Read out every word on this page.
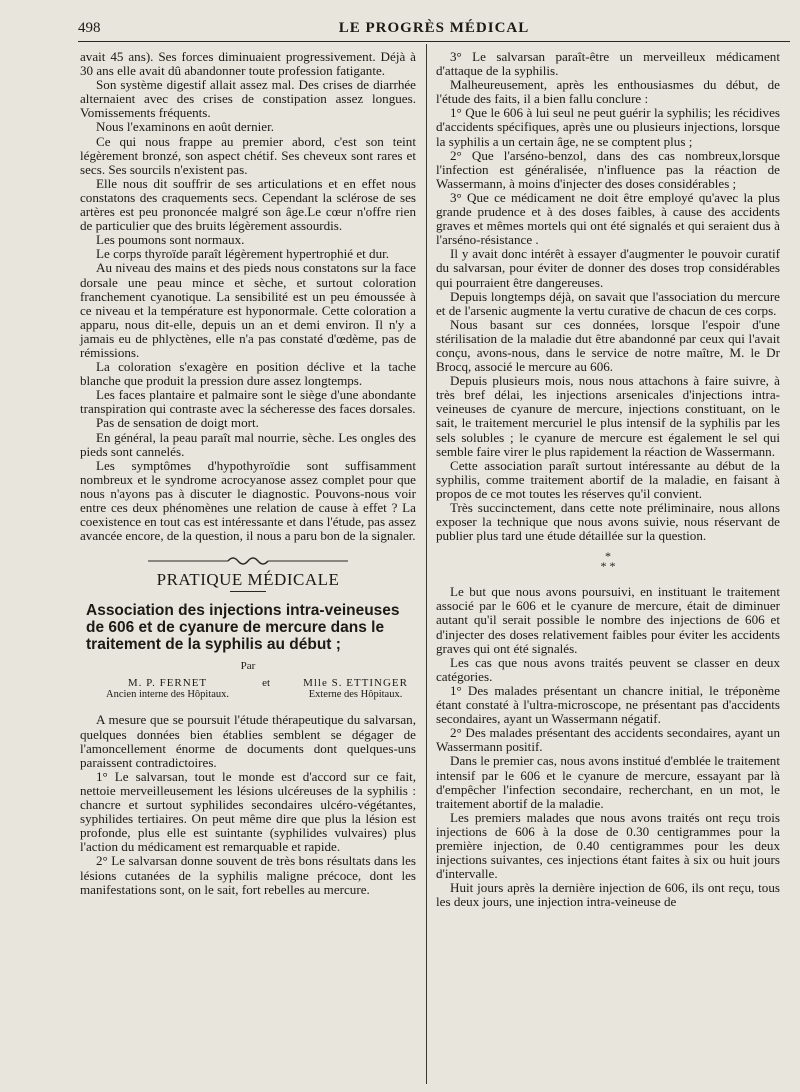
498	LE PROGRÈS MÉDICAL

avait 45 ans). Ses forces diminuaient progressivement. Déjà à 30 ans elle avait dû abandonner toute profession fatigante.

Son système digestif allait assez mal. Des crises de diarrhée alternaient avec des crises de constipation assez longues. Vomissements fréquents.

Nous l'examinons en août dernier.

Ce qui nous frappe au premier abord, c'est son teint légèrement bronzé, son aspect chétif. Ses cheveux sont rares et secs. Ses sourcils n'existent pas.

Elle nous dit souffrir de ses articulations et en effet nous constatons des craquements secs. Cependant la sclérose de ses artères est peu prononcée malgré son âge.Le cœur n'offre rien de particulier que des bruits légèrement assourdis.

Les poumons sont normaux.

Le corps thyroïde paraît légèrement hypertrophié et dur.

Au niveau des mains et des pieds nous constatons sur la face dorsale une peau mince et sèche, et surtout coloration franchement cyanotique. La sensibilité est un peu émoussée à ce niveau et la température est hyponormale. Cette coloration a apparu, nous dit-elle, depuis un an et demi environ. Il n'y a jamais eu de phlyctènes, elle n'a pas constaté d'œdème, pas de rémissions.

La coloration s'exagère en position déclive et la tache blanche que produit la pression dure assez longtemps.

Les faces plantaire et palmaire sont le siège d'une abondante transpiration qui contraste avec la sécheresse des faces dorsales.

Pas de sensation de doigt mort.

En général, la peau paraît mal nourrie, sèche. Les ongles des pieds sont cannelés.

Les symptômes d'hypothyroïdie sont suffisamment nombreux et le syndrome acrocyanose assez complet pour que nous n'ayons pas à discuter le diagnostic. Pouvons-nous voir entre ces deux phénomènes une relation de cause à effet ? La coexistence en tout cas est intéressante et dans l'étude, pas assez avancée encore, de la question, il nous a paru bon de la signaler.

PRATIQUE MÉDICALE
Association des injections intra-veineuses de 606 et de cyanure de mercure dans le traitement de la syphilis au début ;
Par
M. P. FERNET
Ancien interne des Hôpitaux.
et	Mlle S. ETTINGER
Externe des Hôpitaux.

A mesure que se poursuit l'étude thérapeutique du salvarsan, quelques données bien établies semblent se dégager de l'amoncellement énorme de documents dont quelques-uns paraissent contradictoires.

1° Le salvarsan, tout le monde est d'accord sur ce fait, nettoie merveilleusement les lésions ulcéreuses de la syphilis : chancre et surtout syphilides secondaires ulcéro-végétantes, syphilides tertiaires. On peut même dire que plus la lésion est profonde, plus elle est suintante (syphilides vulvaires) plus l'action du médicament est remarquable et rapide.

2° Le salvarsan donne souvent de très bons résultats dans les lésions cutanées de la syphilis maligne précoce, dont les manifestations sont, on le sait, fort rebelles au mercure.

3° Le salvarsan paraît-être un merveilleux médicament d'attaque de la syphilis.

Malheureusement, après les enthousiasmes du début, de l'étude des faits, il a bien fallu conclure :

1° Que le 606 à lui seul ne peut guérir la syphilis; les récidives d'accidents spécifiques, après une ou plusieurs injections, lorsque la syphilis a un certain âge, ne se comptent plus ;

2° Que l'arséno-benzol, dans des cas nombreux,lorsque l'infection est généralisée, n'influence pas la réaction de Wassermann, à moins d'injecter des doses considérables ;

3° Que ce médicament ne doit être employé qu'avec la plus grande prudence et à des doses faibles, à cause des accidents graves et mêmes mortels qui ont été signalés et qui seraient dus à l'arséno-résistance .

Il y avait donc intérêt à essayer d'augmenter le pouvoir curatif du salvarsan, pour éviter de donner des doses trop considérables qui pourraient être dangereuses.

Depuis longtemps déjà, on savait que l'association du mercure et de l'arsenic augmente la vertu curative de chacun de ces corps.

Nous basant sur ces données, lorsque l'espoir d'une stérilisation de la maladie dut être abandonné par ceux qui l'avait conçu, avons-nous, dans le service de notre maître, M. le Dr Brocq, associé le mercure au 606.

Depuis plusieurs mois, nous nous attachons à faire suivre, à très bref délai, les injections arsenicales d'injections intra-veineuses de cyanure de mercure, injections constituant, on le sait, le traitement mercuriel le plus intensif de la syphilis par les sels solubles ; le cyanure de mercure est également le sel qui semble faire virer le plus rapidement la réaction de Wassermann.

Cette association paraît surtout intéressante au début de la syphilis, comme traitement abortif de la maladie, en faisant à propos de ce mot toutes les réserves qu'il convient.

Très succinctement, dans cette note préliminaire, nous allons exposer la technique que nous avons suivie, nous réservant de publier plus tard une étude détaillée sur la question.

*
* *

Le but que nous avons poursuivi, en instituant le traitement associé par le 606 et le cyanure de mercure, était de diminuer autant qu'il serait possible le nombre des injections de 606 et d'injecter des doses relativement faibles pour éviter les accidents graves qui ont été signalés.

Les cas que nous avons traités peuvent se classer en deux catégories.

1° Des malades présentant un chancre initial, le tréponème étant constaté à l'ultra-microscope, ne présentant pas d'accidents secondaires, ayant un Wassermann négatif.

2° Des malades présentant des accidents secondaires, ayant un Wassermann positif.

Dans le premier cas, nous avons institué d'emblée le traitement intensif par le 606 et le cyanure de mercure, essayant par là d'empêcher l'infection secondaire, recherchant, en un mot, le traitement abortif de la maladie.

Les premiers malades que nous avons traités ont reçu trois injections de 606 à la dose de 0.30 centigrammes pour la première injection, de 0.40 centigrammes pour les deux injections suivantes, ces injections étant faites à six ou huit jours d'intervalle.

Huit jours après la dernière injection de 606, ils ont reçu, tous les deux jours, une injection intra-veineuse de
